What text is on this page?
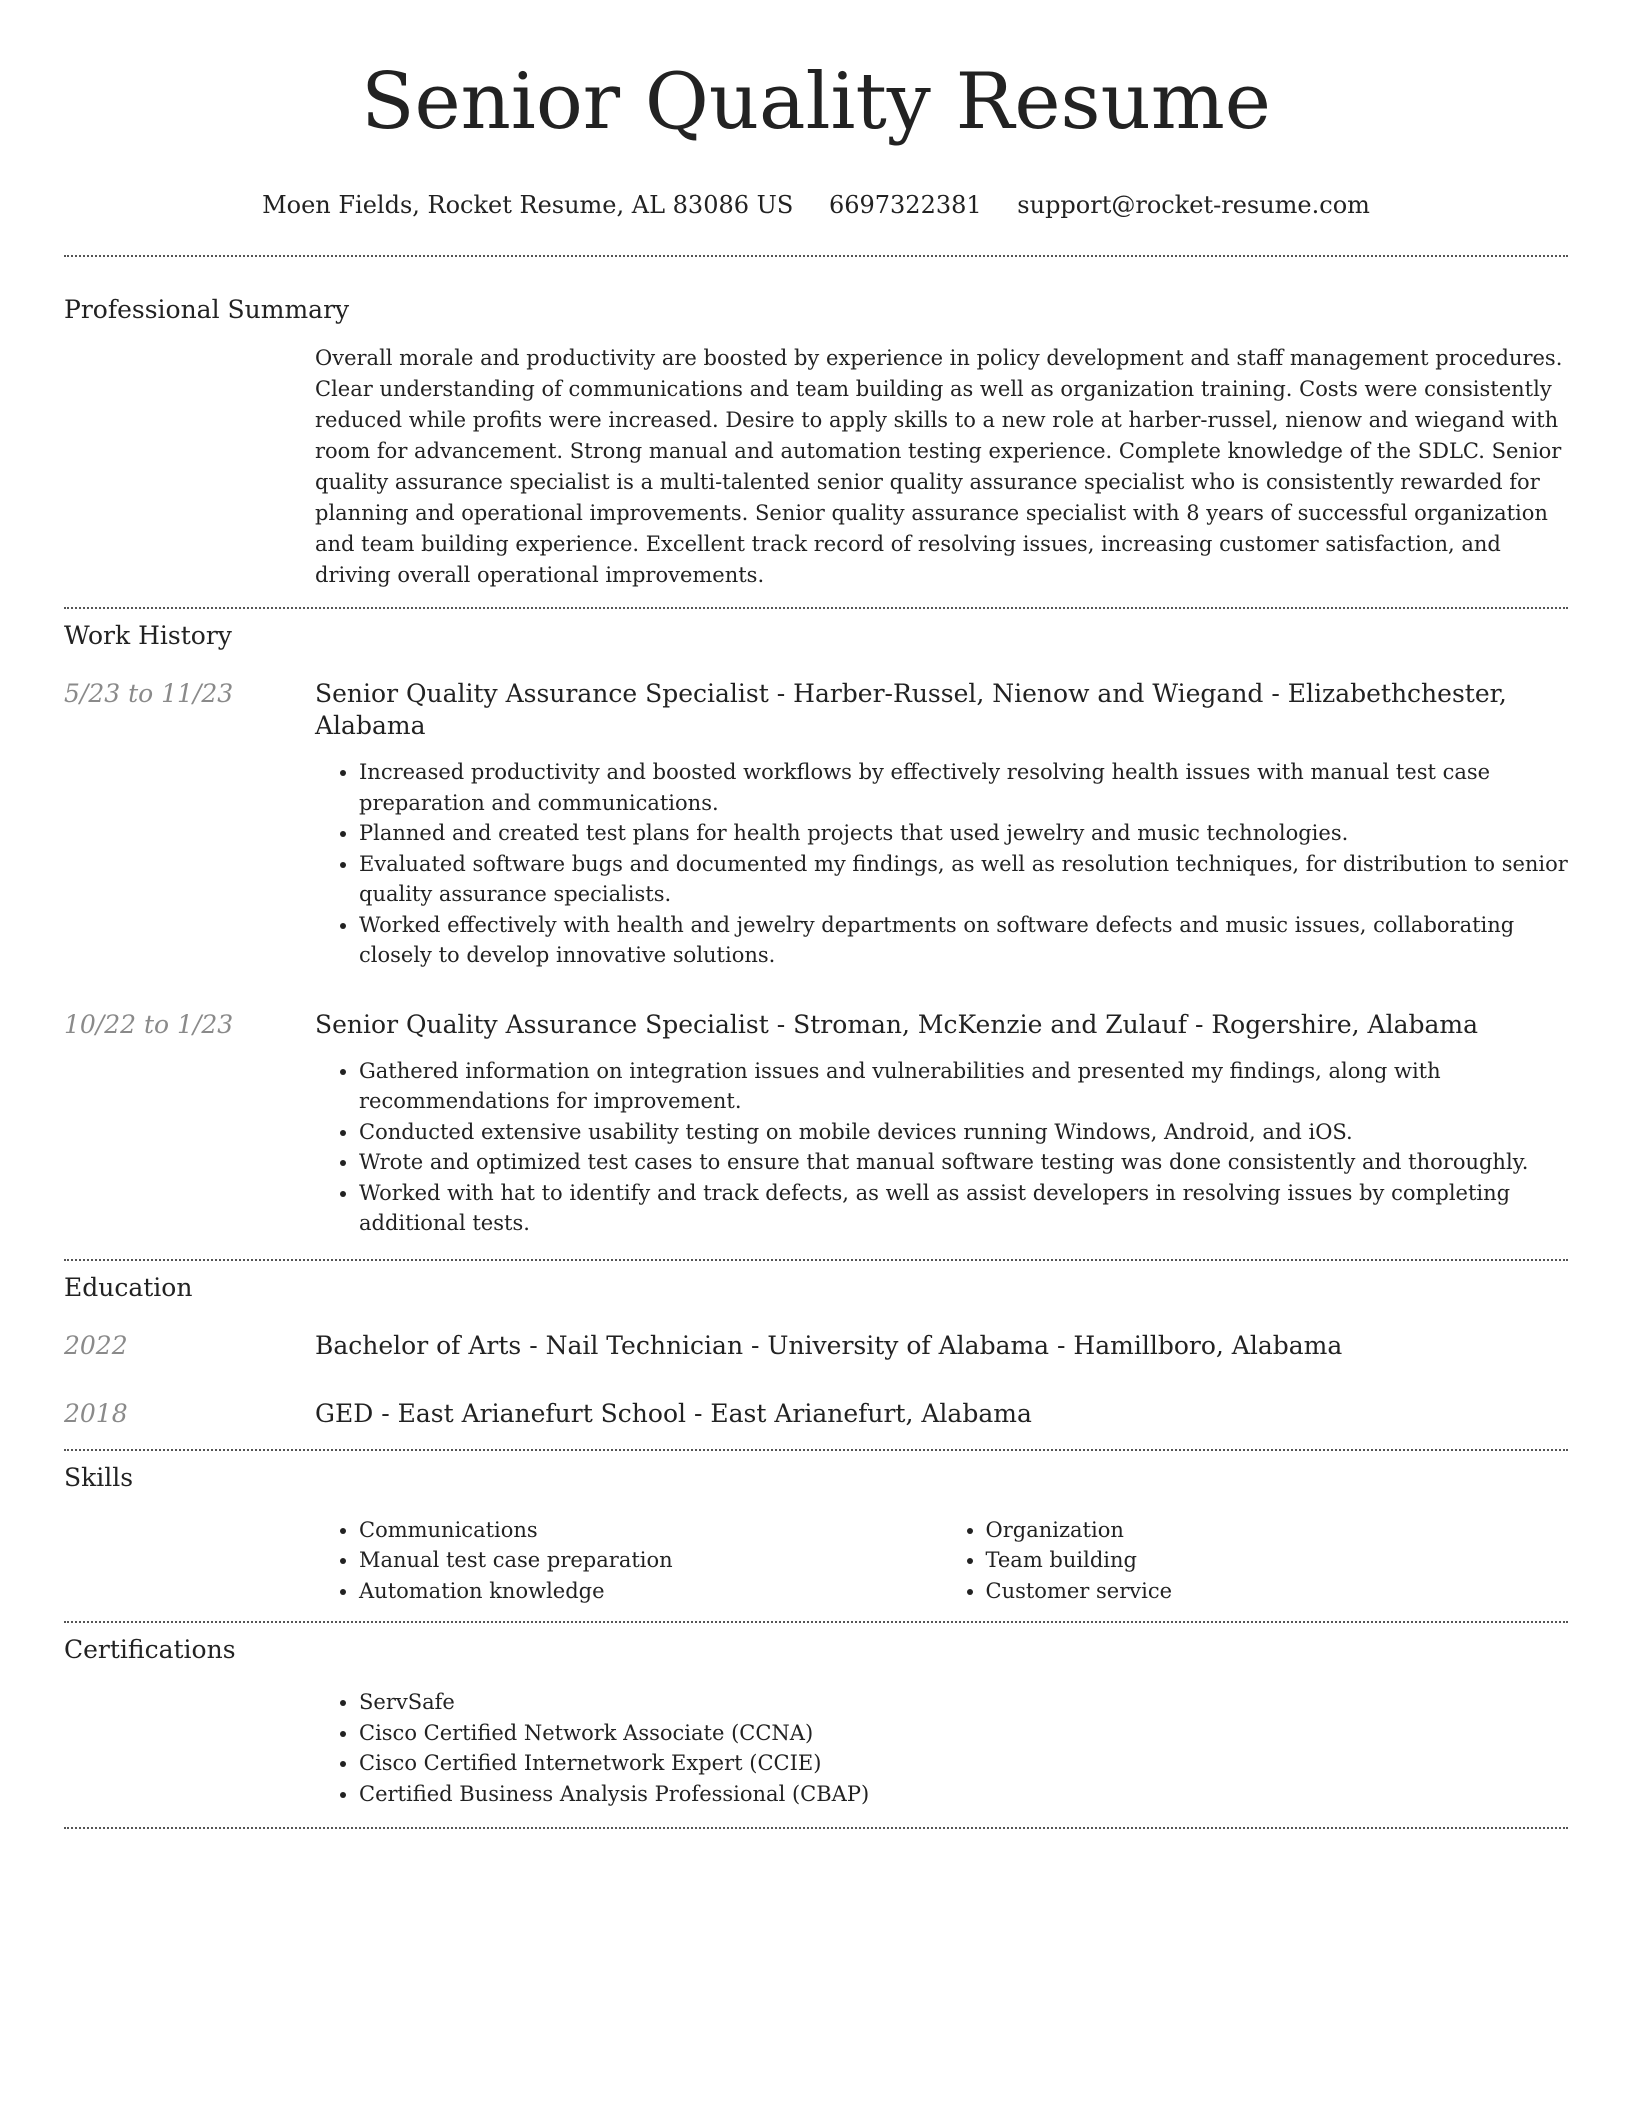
Senior Quality Resume
Moen Fields, Rocket Resume, AL 83086 US 6697322381 support@rocket-resume.com
Professional Summary
Overall morale and productivity are boosted by experience in policy development and staff management procedures. Clear understanding of communications and team building as well as organization training. Costs were consistently reduced while profits were increased. Desire to apply skills to a new role at harber-russel, nienow and wiegand with room for advancement. Strong manual and automation testing experience. Complete knowledge of the SDLC. Senior quality assurance specialist is a multi-talented senior quality assurance specialist who is consistently rewarded for planning and operational improvements. Senior quality assurance specialist with 8 years of successful organization and team building experience. Excellent track record of resolving issues, increasing customer satisfaction, and driving overall operational improvements.
Work History
5/23 to 11/23	Senior Quality Assurance Specialist - Harber-Russel, Nienow and Wiegand - Elizabethchester, Alabama
• Increased productivity and boosted workflows by effectively resolving health issues with manual test case preparation and communications.
• Planned and created test plans for health projects that used jewelry and music technologies.
• Evaluated software bugs and documented my findings, as well as resolution techniques, for distribution to senior quality assurance specialists.
• Worked effectively with health and jewelry departments on software defects and music issues, collaborating closely to develop innovative solutions.
10/22 to 1/23	Senior Quality Assurance Specialist - Stroman, McKenzie and Zulauf - Rogershire, Alabama
• Gathered information on integration issues and vulnerabilities and presented my findings, along with recommendations for improvement.
• Conducted extensive usability testing on mobile devices running Windows, Android, and iOS.
• Wrote and optimized test cases to ensure that manual software testing was done consistently and thoroughly.
• Worked with hat to identify and track defects, as well as assist developers in resolving issues by completing additional tests.
Education
2022	Bachelor of Arts - Nail Technician - University of Alabama - Hamillboro, Alabama
2018	GED - East Arianefurt School - East Arianefurt, Alabama
Skills
• Communications
• Manual test case preparation
• Automation knowledge
• Organization
• Team building
• Customer service
Certifications
• ServSafe
• Cisco Certified Network Associate (CCNA)
• Cisco Certified Internetwork Expert (CCIE)
• Certified Business Analysis Professional (CBAP)
